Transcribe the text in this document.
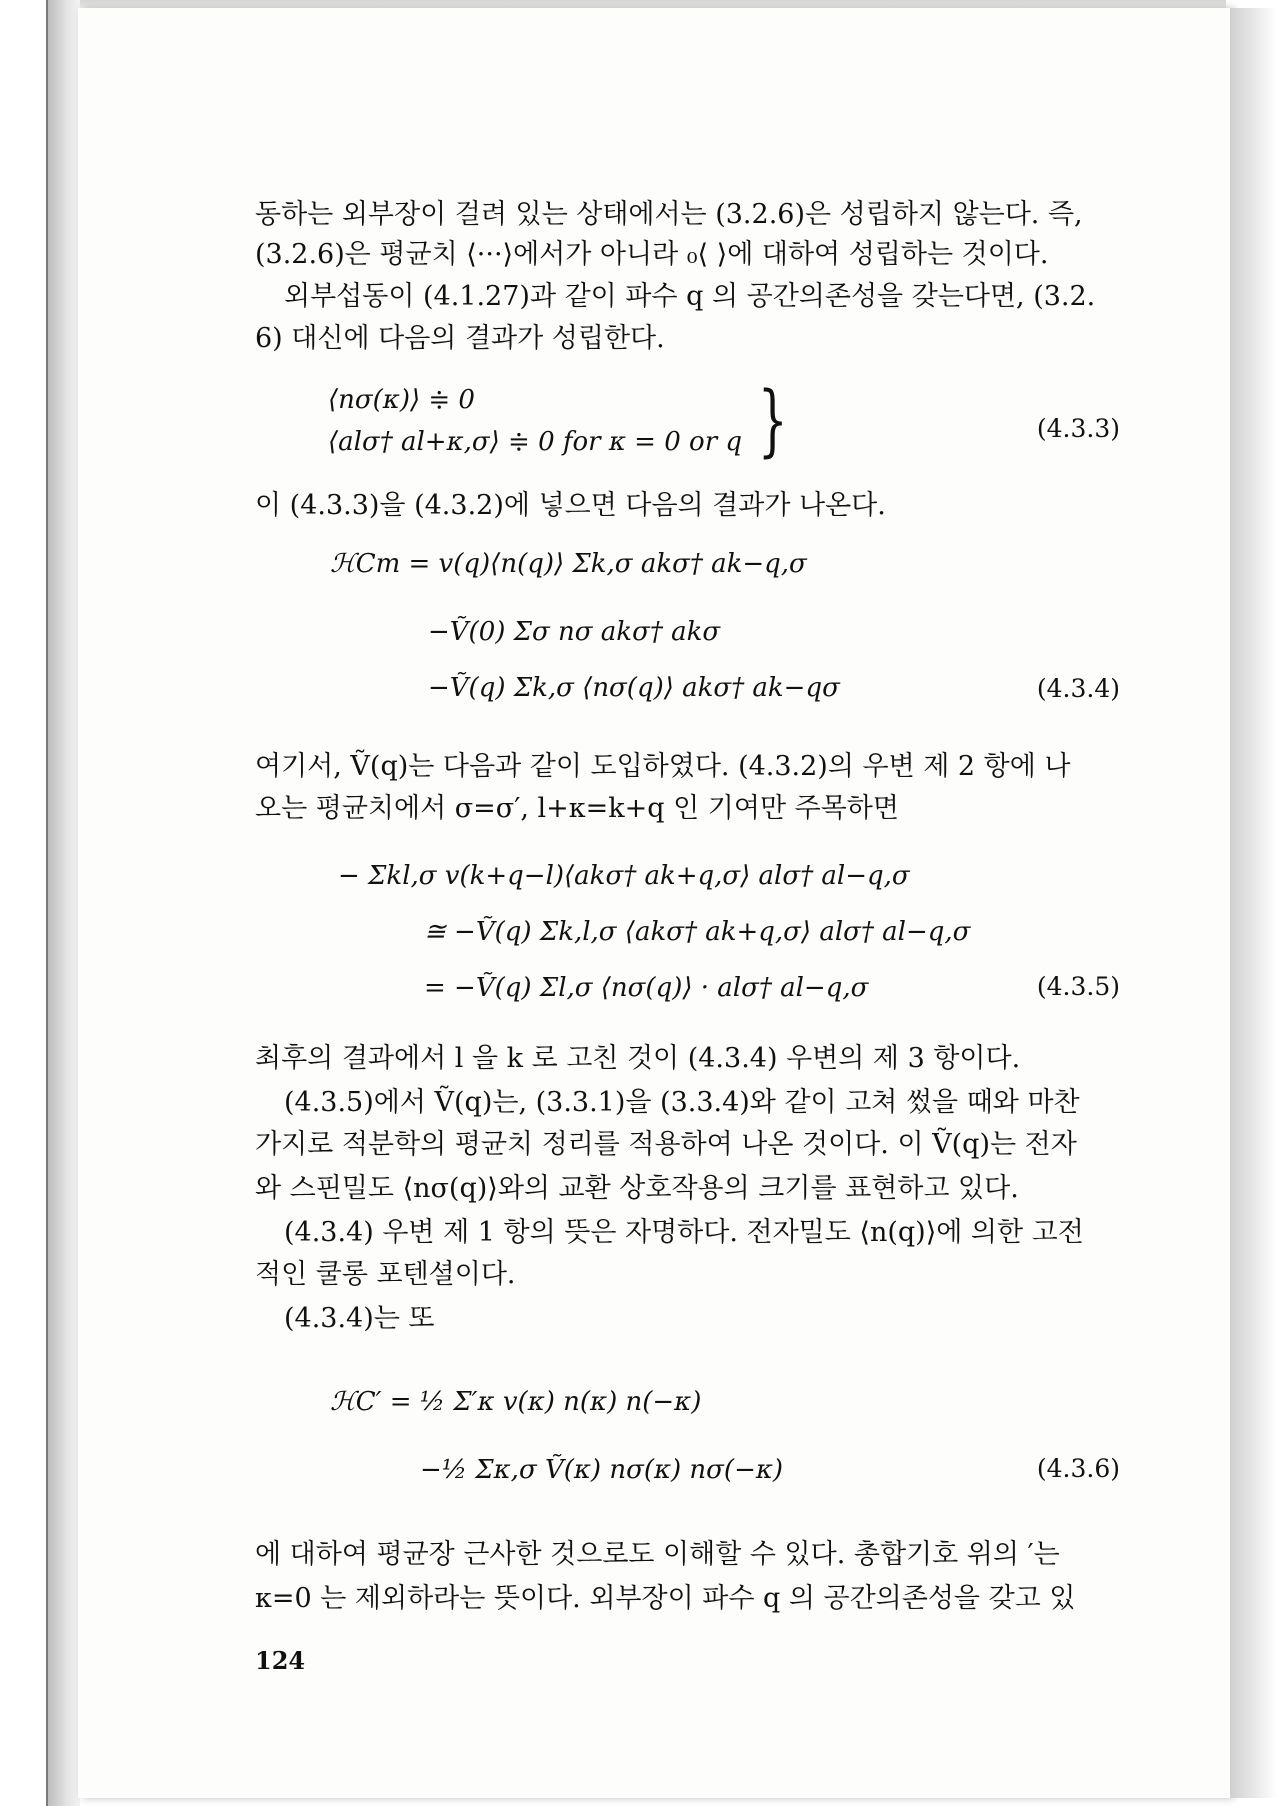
동하는 외부장이 걸려 있는 상태에서는 (3.2.6)은 성립하지 않는다. 즉,
(3.2.6)은 평균치 ⟨···⟩에서가 아니라 ₀⟨ ⟩에 대하여 성립하는 것이다.
외부섭동이 (4.1.27)과 같이 파수 q 의 공간의존성을 갖는다면, (3.2.
6) 대신에 다음의 결과가 성립한다.
⟨nσ(κ)⟩ ≑ 0
⟨alσ† al+κ,σ⟩ ≑ 0 for κ = 0 or q }	(4.3.3)
이 (4.3.3)을 (4.3.2)에 넣으면 다음의 결과가 나온다.
ℋCm = v(q)⟨n(q)⟩ Σk,σ akσ† ak−q,σ
−Ṽ(0) Σσ nσ akσ† akσ
−Ṽ(q) Σk,σ ⟨nσ(q)⟩ akσ† ak−qσ	(4.3.4)
여기서, Ṽ(q)는 다음과 같이 도입하였다. (4.3.2)의 우변 제 2 항에 나
오는 평균치에서 σ=σ′, l+κ=k+q 인 기여만 주목하면
− Σkl,σ v(k+q−l)⟨akσ† ak+q,σ⟩ alσ† al−q,σ
≅ −Ṽ(q) Σk,l,σ ⟨akσ† ak+q,σ⟩ alσ† al−q,σ
= −Ṽ(q) Σl,σ ⟨nσ(q)⟩ · alσ† al−q,σ	(4.3.5)
최후의 결과에서 l 을 k 로 고친 것이 (4.3.4) 우변의 제 3 항이다.
(4.3.5)에서 Ṽ(q)는, (3.3.1)을 (3.3.4)와 같이 고쳐 썼을 때와 마찬
가지로 적분학의 평균치 정리를 적용하여 나온 것이다. 이 Ṽ(q)는 전자
와 스핀밀도 ⟨nσ(q)⟩와의 교환 상호작용의 크기를 표현하고 있다.
(4.3.4) 우변 제 1 항의 뜻은 자명하다. 전자밀도 ⟨n(q)⟩에 의한 고전
적인 쿨롱 포텐셜이다.
(4.3.4)는 또
ℋC′ = ½ Σ′κ v(κ) n(κ) n(−κ)
−½ Σκ,σ Ṽ(κ) nσ(κ) nσ(−κ)	(4.3.6)
에 대하여 평균장 근사한 것으로도 이해할 수 있다. 총합기호 위의 ′는
κ=0 는 제외하라는 뜻이다. 외부장이 파수 q 의 공간의존성을 갖고 있
124
